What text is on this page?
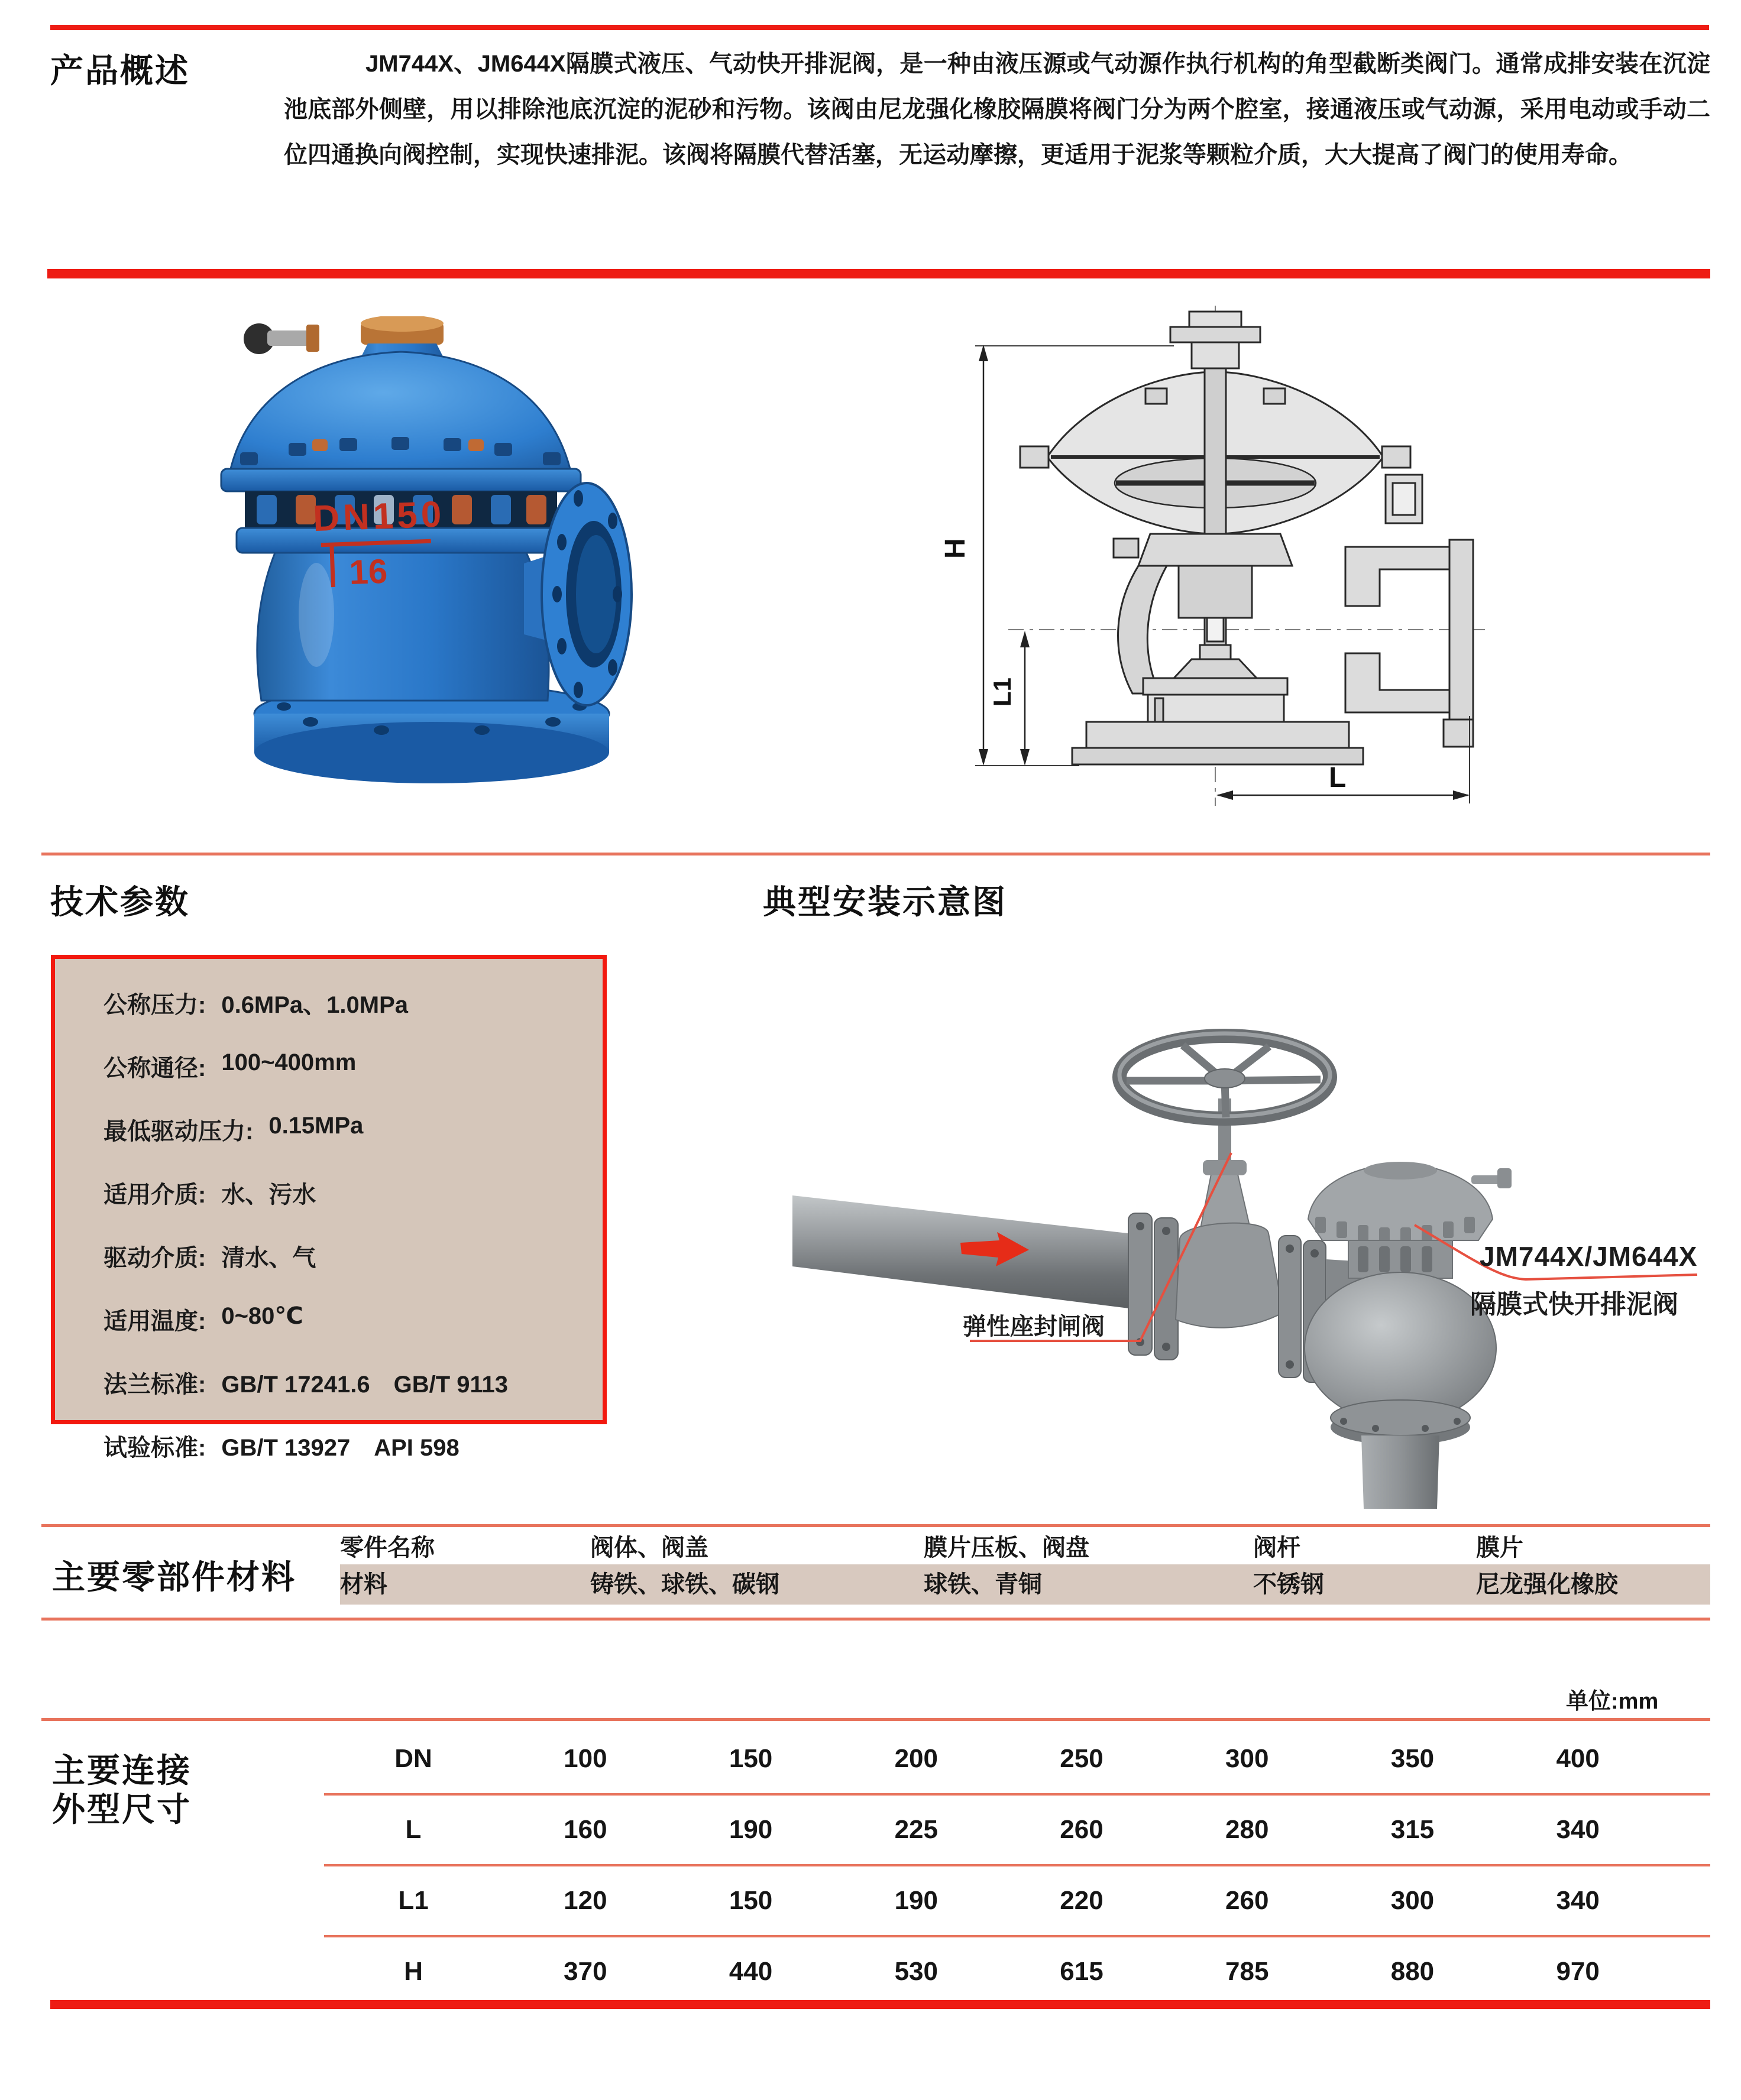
产品概述	JM744X、JM644X隔膜式液压、气动快开排泥阀，是一种由液压源或气动源作执行机构的角型截断类阀门。通常成排安装在沉淀池底部外侧壁，用以排除池底沉淀的泥砂和污物。该阀由尼龙强化橡胶隔膜将阀门分为两个腔室，接通液压或气动源，采用电动或手动二位四通换向阀控制，实现快速排泥。该阀将隔膜代替活塞，无运动摩擦，更适用于泥浆等颗粒介质，大大提高了阀门的使用寿命。
DN150
16
H
L1
L
技术参数	典型安装示意图
公称压力: 0.6MPa、1.0MPa
公称通径: 100~400mm
最低驱动压力: 0.15MPa
适用介质: 水、污水
驱动介质: 清水、气
适用温度: 0~80℃
法兰标准: GB/T 17241.6　GB/T 9113
试验标准: GB/T 13927　API 598
弹性座封闸阀
JM744X/JM644X
隔膜式快开排泥阀
主要零部件材料
零件名称	阀体、阀盖	膜片压板、阀盘	阀杆	膜片
材料	铸铁、球铁、碳钢	球铁、青铜	不锈钢	尼龙强化橡胶
单位:mm
主要连接
外型尺寸
DN	100	150	200	250	300	350	400
L	160	190	225	260	280	315	340
L1	120	150	190	220	260	300	340
H	370	440	530	615	785	880	970
